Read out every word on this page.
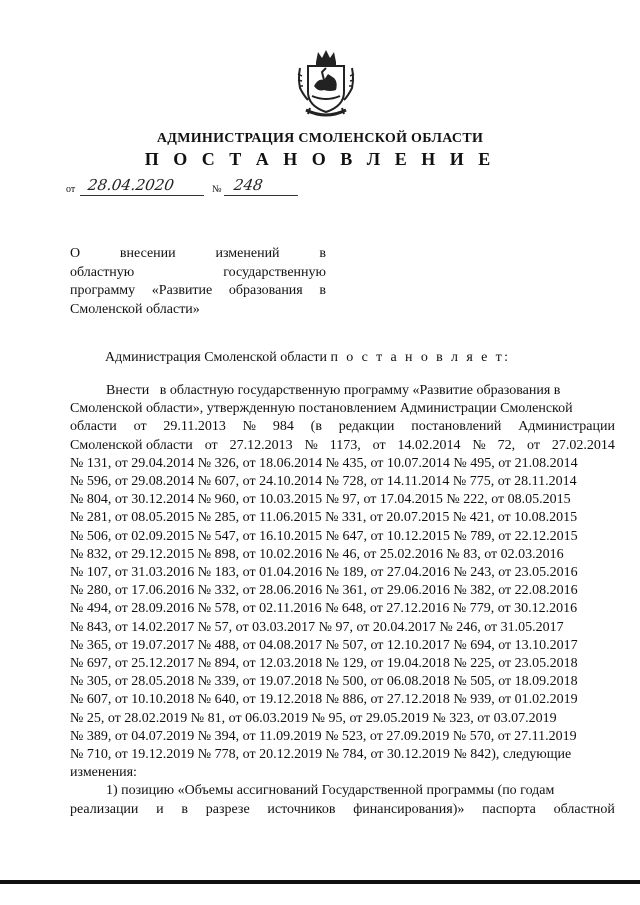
АДМИНИСТРАЦИЯ СМОЛЕНСКОЙ ОБЛАСТИ
П О С Т А Н О В Л Е Н И Е
от 28.04.2020	№ 248
О	внесении	изменений	в
областную	государственную
программу «Развитие образования в
Смоленской области»
Администрация Смоленской области п о с т а н о в л я е т:
Внести
в областную государственную программу «Развитие образования в
Смоленской области», утвержденную постановлением Администрации Смоленской
области от 29.11.2013 № 984 (в редакции постановлений Администрации
Смоленской области от 27.12.2013 № 1173, от 14.02.2014 № 72, от 27.02.2014
№ 131, от 29.04.2014 № 326, от 18.06.2014 № 435, от 10.07.2014 № 495, от 21.08.2014
№ 596, от 29.08.2014 № 607, от 24.10.2014 № 728, от 14.11.2014 № 775, от 28.11.2014
№ 804, от 30.12.2014 № 960, от 10.03.2015 № 97, от 17.04.2015 № 222, от 08.05.2015
№ 281, от 08.05.2015 № 285, от 11.06.2015 № 331, от 20.07.2015 № 421, от 10.08.2015
№ 506, от 02.09.2015 № 547, от 16.10.2015 № 647, от 10.12.2015 № 789, от 22.12.2015
№ 832, от 29.12.2015 № 898, от 10.02.2016 № 46, от 25.02.2016 № 83, от 02.03.2016
№ 107, от 31.03.2016 № 183, от 01.04.2016 № 189, от 27.04.2016 № 243, от 23.05.2016
№ 280, от 17.06.2016 № 332, от 28.06.2016 № 361, от 29.06.2016 № 382, от 22.08.2016
№ 494, от 28.09.2016 № 578, от 02.11.2016 № 648, от 27.12.2016 № 779, от 30.12.2016
№ 843, от 14.02.2017 № 57, от 03.03.2017 № 97, от 20.04.2017 № 246, от 31.05.2017
№ 365, от 19.07.2017 № 488, от 04.08.2017 № 507, от 12.10.2017 № 694, от 13.10.2017
№ 697, от 25.12.2017 № 894, от 12.03.2018 № 129, от 19.04.2018 № 225, от 23.05.2018
№ 305, от 28.05.2018 № 339, от 19.07.2018 № 500, от 06.08.2018 № 505, от 18.09.2018
№ 607, от 10.10.2018 № 640, от 19.12.2018 № 886, от 27.12.2018 № 939, от 01.02.2019
№ 25, от 28.02.2019 № 81, от 06.03.2019 № 95, от 29.05.2019 № 323, от 03.07.2019
№ 389, от 04.07.2019 № 394, от 11.09.2019 № 523, от 27.09.2019 № 570, от 27.11.2019
№ 710, от 19.12.2019 № 778, от 20.12.2019 № 784, от 30.12.2019 № 842), следующие
изменения:
1) позицию «Объемы ассигнований Государственной программы (по годам
реализации и в разрезе источников финансирования)» паспорта областной
